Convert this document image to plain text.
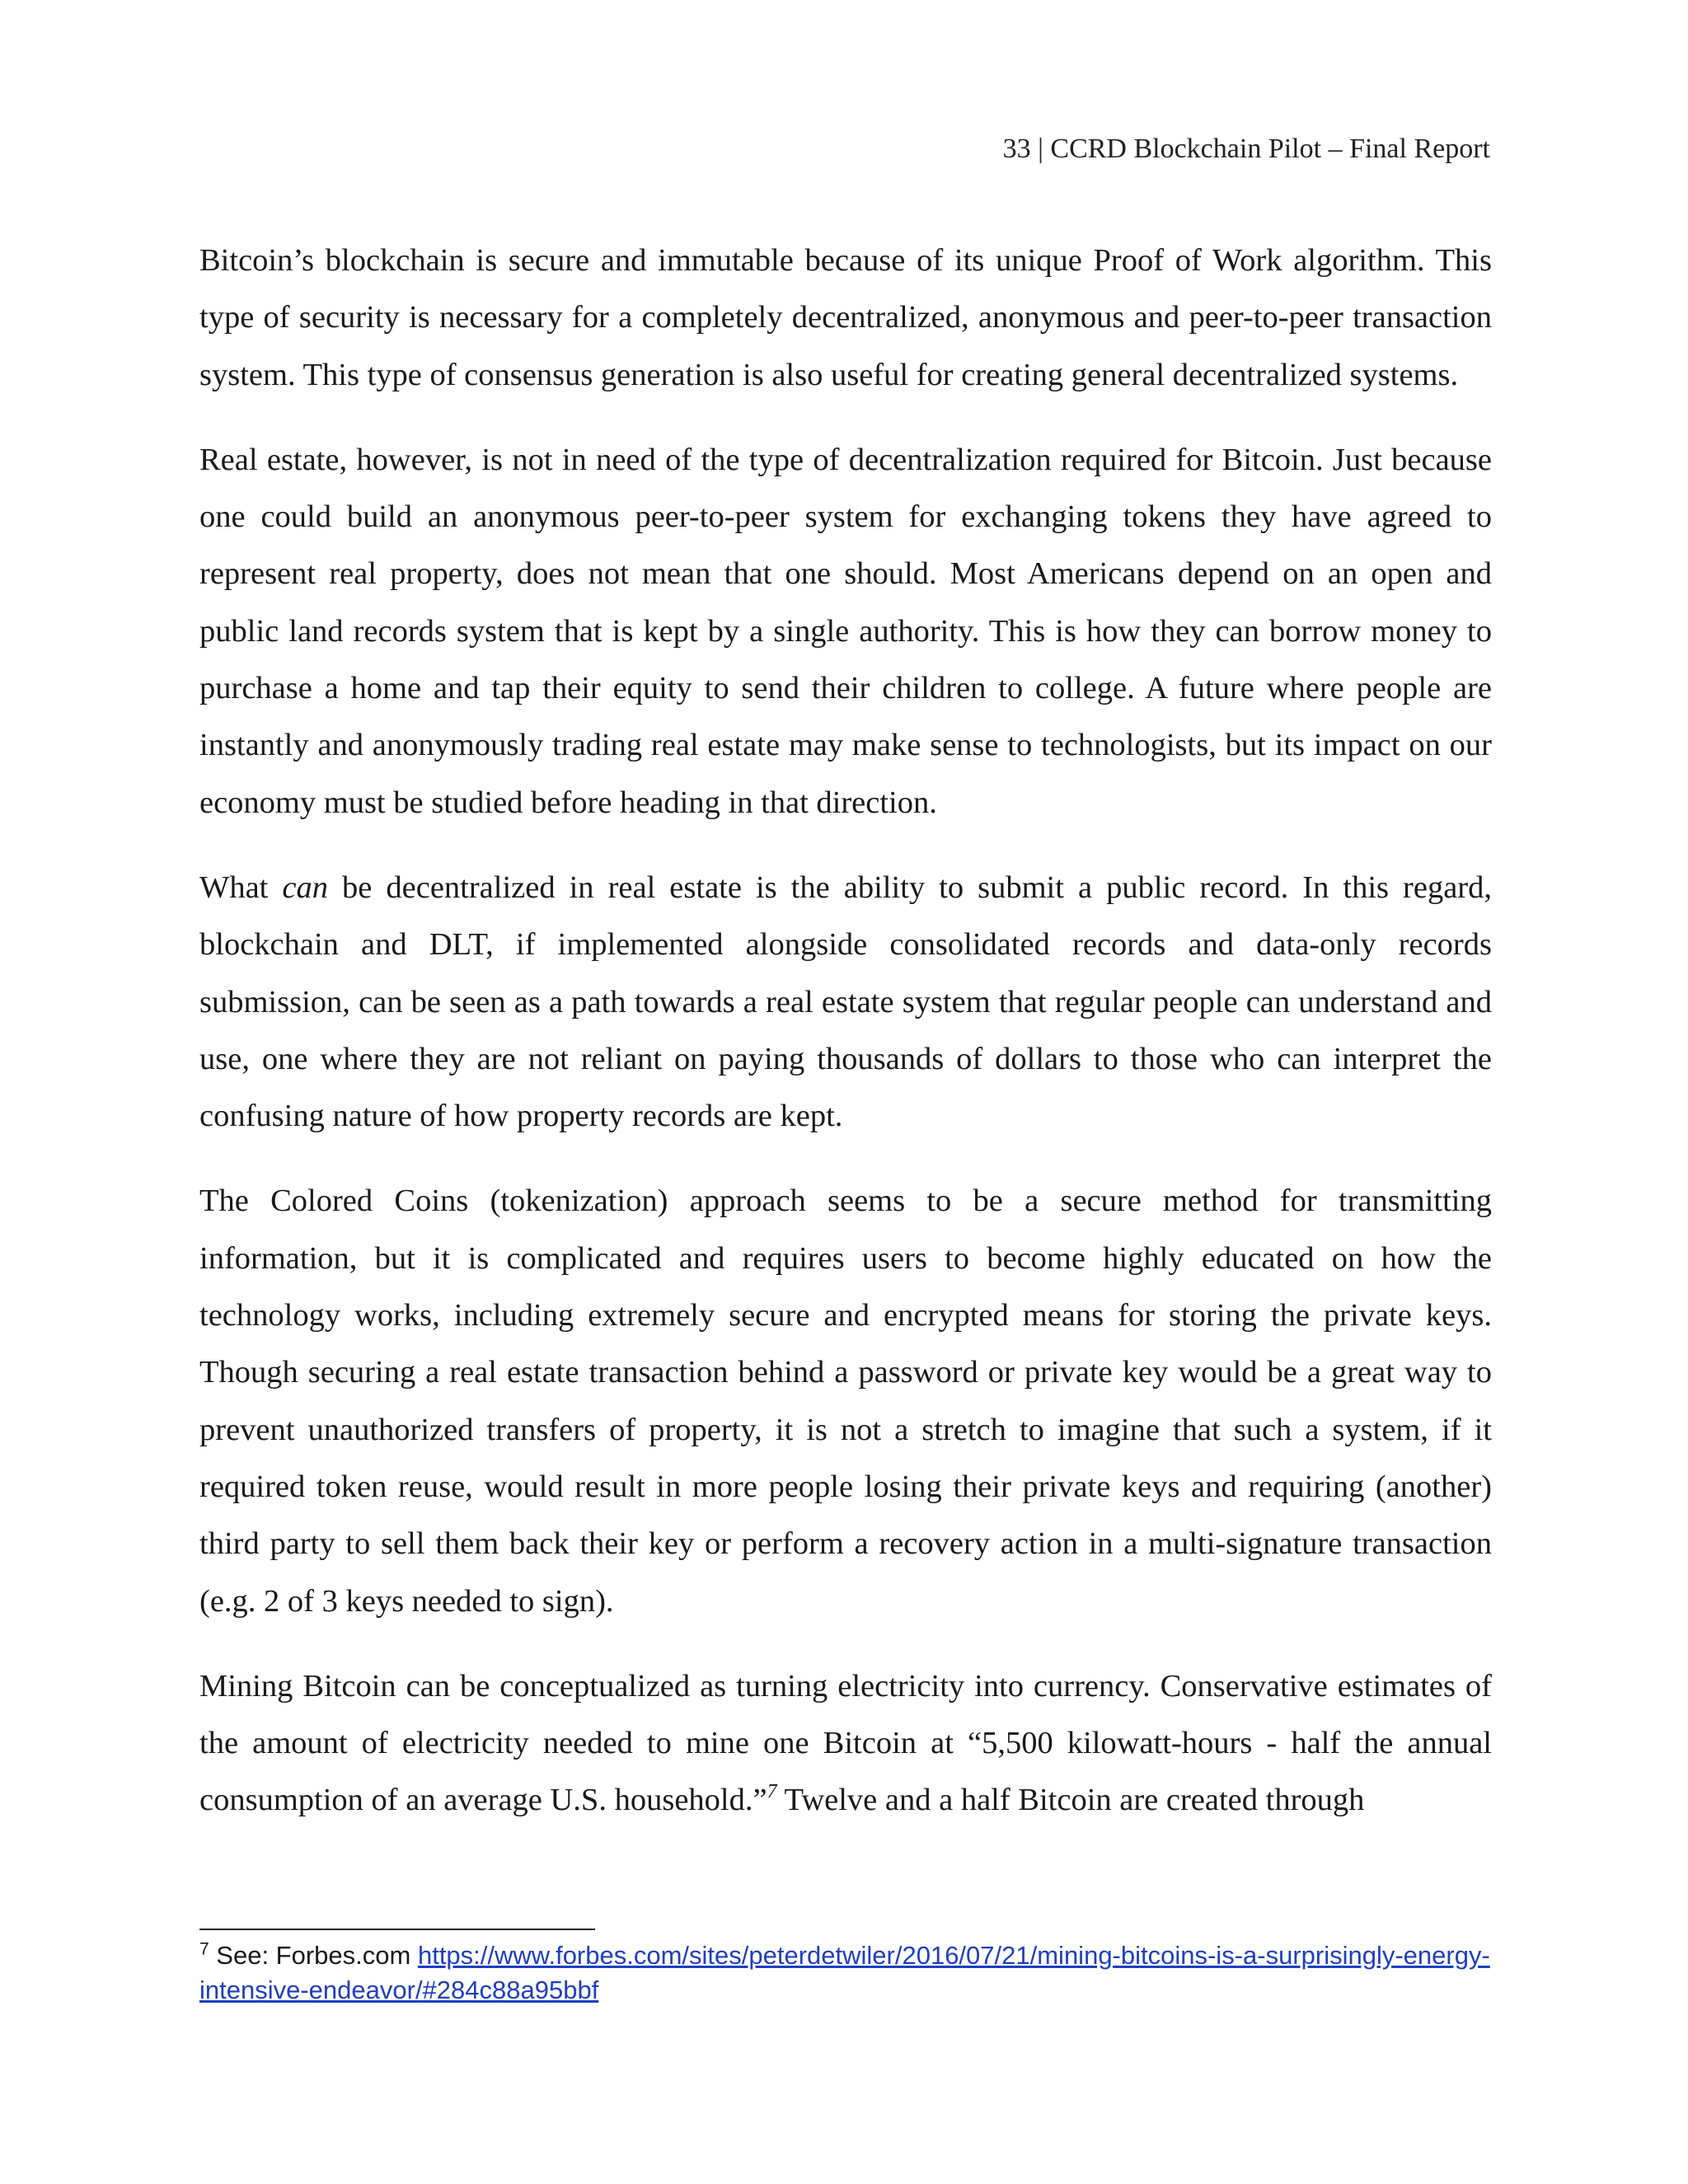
33 | CCRD Blockchain Pilot – Final Report

Bitcoin’s blockchain is secure and immutable because of its unique Proof of Work algorithm. This type of security is necessary for a completely decentralized, anonymous and peer-to-peer transaction system. This type of consensus generation is also useful for creating general decentralized systems.

Real estate, however, is not in need of the type of decentralization required for Bitcoin. Just because one could build an anonymous peer-to-peer system for exchanging tokens they have agreed to represent real property, does not mean that one should. Most Americans depend on an open and public land records system that is kept by a single authority. This is how they can borrow money to purchase a home and tap their equity to send their children to college. A future where people are instantly and anonymously trading real estate may make sense to technologists, but its impact on our economy must be studied before heading in that direction.

What can be decentralized in real estate is the ability to submit a public record. In this regard, blockchain and DLT, if implemented alongside consolidated records and data-only records submission, can be seen as a path towards a real estate system that regular people can understand and use, one where they are not reliant on paying thousands of dollars to those who can interpret the confusing nature of how property records are kept.

The Colored Coins (tokenization) approach seems to be a secure method for transmitting information, but it is complicated and requires users to become highly educated on how the technology works, including extremely secure and encrypted means for storing the private keys. Though securing a real estate transaction behind a password or private key would be a great way to prevent unauthorized transfers of property, it is not a stretch to imagine that such a system, if it required token reuse, would result in more people losing their private keys and requiring (another) third party to sell them back their key or perform a recovery action in a multi-signature transaction (e.g. 2 of 3 keys needed to sign).

Mining Bitcoin can be conceptualized as turning electricity into currency. Conservative estimates of the amount of electricity needed to mine one Bitcoin at “5,500 kilowatt-hours - half the annual consumption of an average U.S. household.”$^7$ Twelve and a half Bitcoin are created through

$^7$ See: Forbes.com https://www.forbes.com/sites/peterdetwiler/2016/07/21/mining-bitcoins-is-a-surprisingly-energy-intensive-endeavor/#284c88a95bbf
